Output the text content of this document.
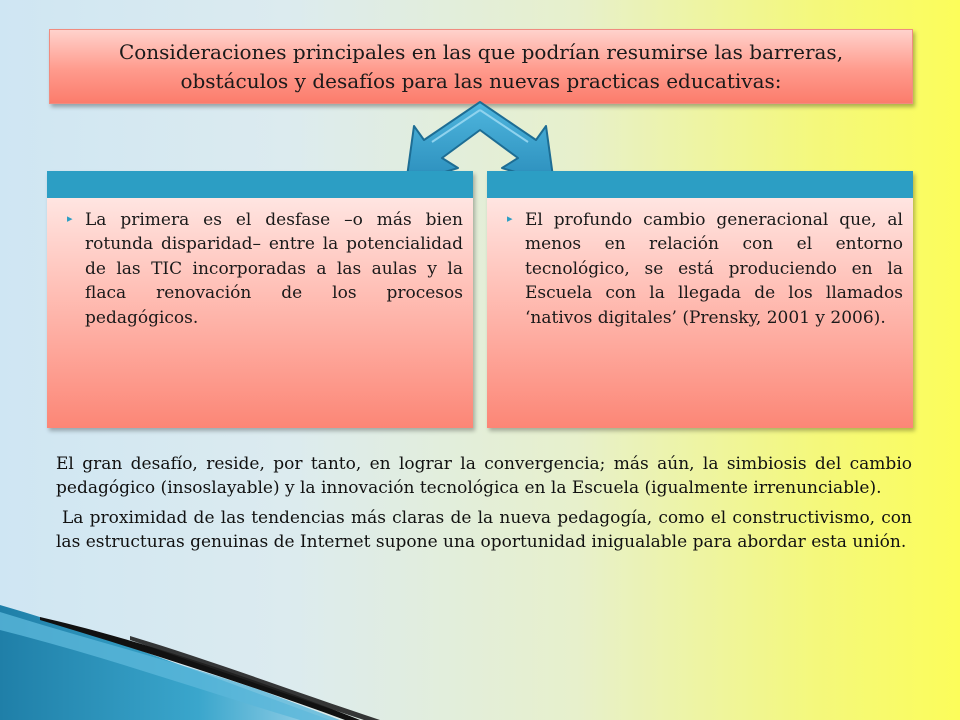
Consideraciones principales en las que podrían resumirse las barreras, obstáculos y desafíos para las nuevas practicas educativas:
▸ La primera es el desfase –o más bien rotunda disparidad– entre la potencialidad de las TIC incorporadas a las aulas y la flaca renovación de los procesos pedagógicos.
▸ El profundo cambio generacional que, al menos en relación con el entorno tecnológico, se está produciendo en la Escuela con la llegada de los llamados ‘nativos digitales’ (Prensky, 2001 y 2006).

El gran desafío, reside, por tanto, en lograr la convergencia; más aún, la simbiosis del cambio pedagógico (insoslayable) y la innovación tecnológica en la Escuela (igualmente irrenunciable).

La proximidad de las tendencias más claras de la nueva pedagogía, como el constructivismo, con las estructuras genuinas de Internet supone una oportunidad inigualable para abordar esta unión.
